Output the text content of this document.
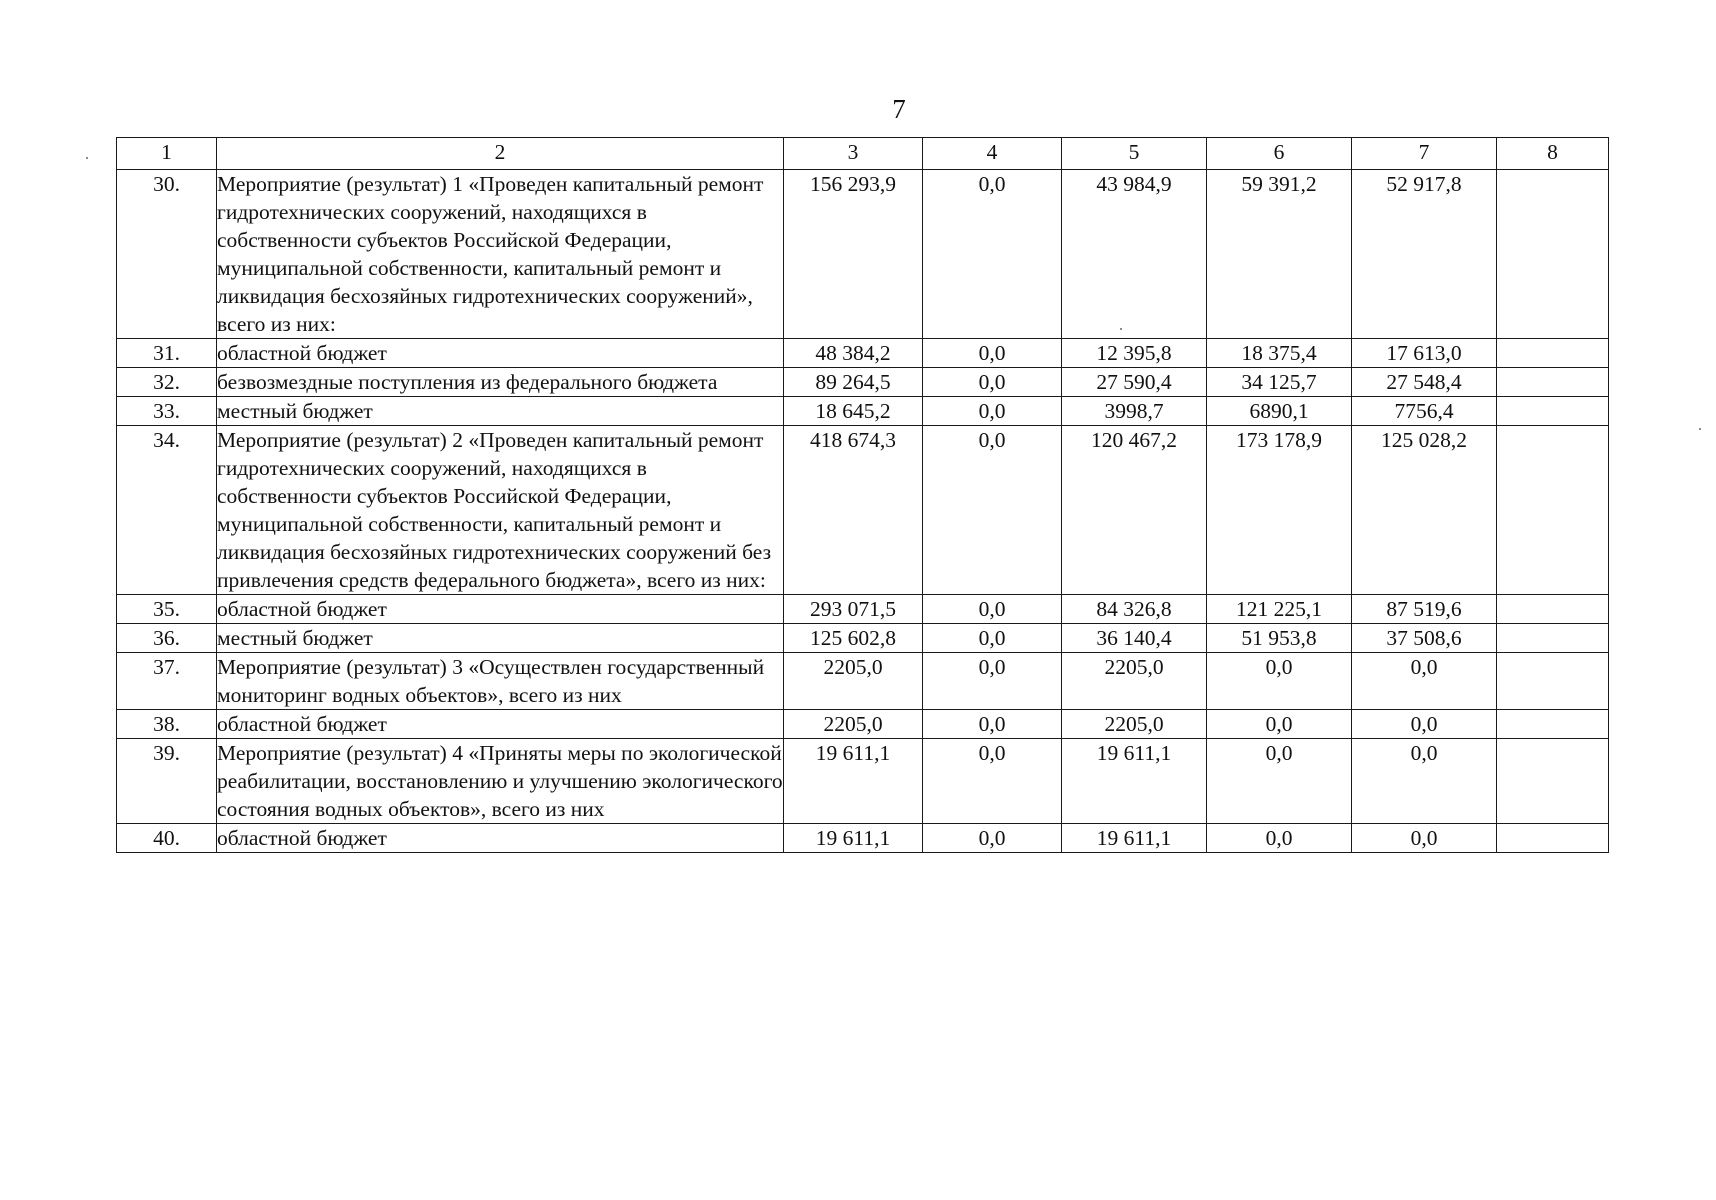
7
1	2	3	4	5	6	7	8
30.	Мероприятие (результат) 1 «Проведен капитальный ремонт гидротехнических сооружений, находящихся в собственности субъектов Российской Федерации, муниципальной собственности, капитальный ремонт и ликвидация бесхозяйных гидротехнических сооружений», всего из них:	156 293,9	0,0	43 984,9	59 391,2	52 917,8	
31.	областной бюджет	48 384,2	0,0	12 395,8	18 375,4	17 613,0	
32.	безвозмездные поступления из федерального бюджета	89 264,5	0,0	27 590,4	34 125,7	27 548,4	
33.	местный бюджет	18 645,2	0,0	3998,7	6890,1	7756,4	
34.	Мероприятие (результат) 2 «Проведен капитальный ремонт гидротехнических сооружений, находящихся в собственности субъектов Российской Федерации, муниципальной собственности, капитальный ремонт и ликвидация бесхозяйных гидротехнических сооружений без привлечения средств федерального бюджета», всего из них:	418 674,3	0,0	120 467,2	173 178,9	125 028,2	
35.	областной бюджет	293 071,5	0,0	84 326,8	121 225,1	87 519,6	
36.	местный бюджет	125 602,8	0,0	36 140,4	51 953,8	37 508,6	
37.	Мероприятие (результат) 3 «Осуществлен государственный мониторинг водных объектов», всего из них	2205,0	0,0	2205,0	0,0	0,0	
38.	областной бюджет	2205,0	0,0	2205,0	0,0	0,0	
39.	Мероприятие (результат) 4 «Приняты меры по экологической реабилитации, восстановлению и улучшению экологического состояния водных объектов», всего из них	19 611,1	0,0	19 611,1	0,0	0,0	
40.	областной бюджет	19 611,1	0,0	19 611,1	0,0	0,0	
